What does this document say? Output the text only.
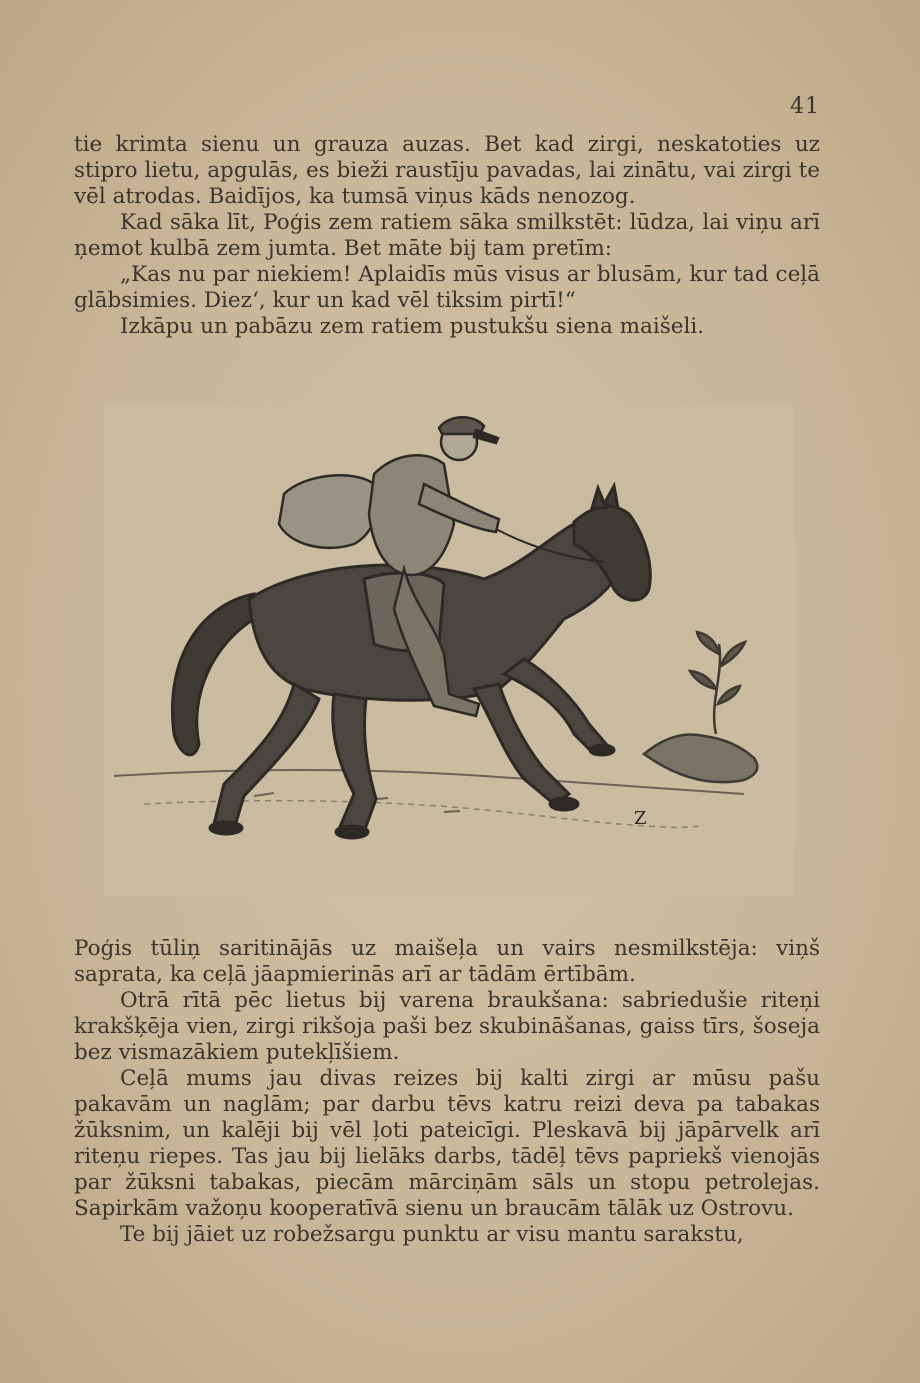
41

tie krimta sienu un grauza auzas. Bet kad zirgi, neskatoties uz stipro lietu, apgulās, es bieži raustīju pavadas, lai zinātu, vai zirgi te vēl atrodas. Baidījos, ka tumsā viņus kāds nenozog.

Kad sāka līt, Poģis zem ratiem sāka smilkstēt: lūdza, lai viņu arī ņemot kulbā zem jumta. Bet māte bij tam pretīm:

„Kas nu par niekiem! Aplaidīs mūs visus ar blusām, kur tad ceļā glābsimies. Diez‘, kur un kad vēl tiksim pirtī!“

Izkāpu un pabāzu zem ratiem pustukšu siena maišeli.

Z

Poģis tūliņ saritinājās uz maišeļa un vairs nesmilkstēja: viņš saprata, ka ceļā jāapmierinās arī ar tādām ērtībām.

Otrā rītā pēc lietus bij varena braukšana: sabriedušie riteņi krakšķēja vien, zirgi rikšoja paši bez skubināšanas, gaiss tīrs, šoseja bez vismazākiem putekļīšiem.

Ceļā mums jau divas reizes bij kalti zirgi ar mūsu pašu pakavām un naglām; par darbu tēvs katru reizi deva pa tabakas žūksnim, un kalēji bij vēl ļoti pateicīgi. Pleskavā bij jāpārvelk arī riteņu riepes. Tas jau bij lielāks darbs, tādēļ tēvs papriekš vienojās par žūksni tabakas, piecām mārciņām sāls un stopu petrolejas. Sapirkām važoņu kooperatīvā sienu un braucām tālāk uz Ostrovu.

Te bij jāiet uz robežsargu punktu ar visu mantu sarakstu,
